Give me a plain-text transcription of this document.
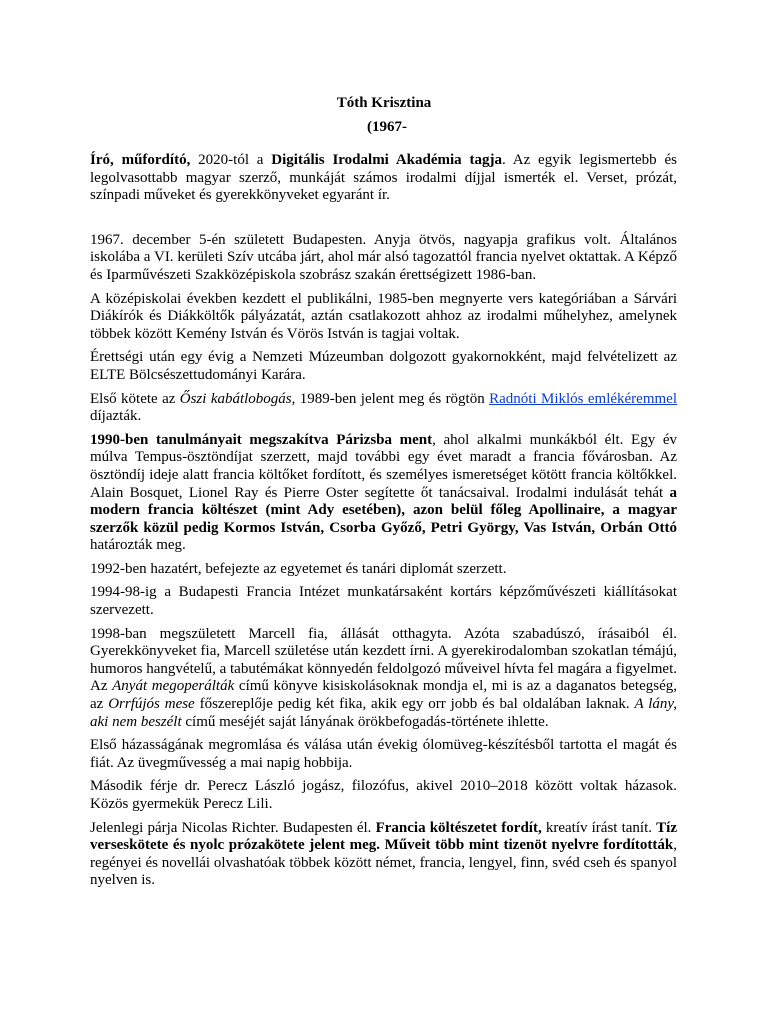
Tóth Krisztina
(1967-

Író, műfordító, 2020-tól a Digitális Irodalmi Akadémia tagja. Az egyik legismertebb és legolvasottabb magyar szerző, munkáját számos irodalmi díjjal ismerték el. Verset, prózát, színpadi műveket és gyerekkönyveket egyaránt ír.

1967. december 5-én született Budapesten. Anyja ötvös, nagyapja grafikus volt. Általános iskolába a VI. kerületi Szív utcába járt, ahol már alsó tagozattól francia nyelvet oktattak. A Képző és Iparművészeti Szakközépiskola szobrász szakán érettségizett 1986-ban.

A középiskolai években kezdett el publikálni, 1985-ben megnyerte vers kategóriában a Sárvári Diákírók és Diákköltők pályázatát, aztán csatlakozott ahhoz az irodalmi műhelyhez, amelynek többek között Kemény István és Vörös István is tagjai voltak.

Érettségi után egy évig a Nemzeti Múzeumban dolgozott gyakornokként, majd felvételizett az ELTE Bölcsészettudományi Karára.

Első kötete az Őszi kabátlobogás, 1989-ben jelent meg és rögtön Radnóti Miklós emlékéremmel díjazták.

1990-ben tanulmányait megszakítva Párizsba ment, ahol alkalmi munkákból élt. Egy év múlva Tempus-ösztöndíjat szerzett, majd további egy évet maradt a francia fővárosban. Az ösztöndíj ideje alatt francia költőket fordított, és személyes ismeretséget kötött francia költőkkel. Alain Bosquet, Lionel Ray és Pierre Oster segítette őt tanácsaival. Irodalmi indulását tehát a modern francia költészet (mint Ady esetében), azon belül főleg Apollinaire, a magyar szerzők közül pedig Kormos István, Csorba Győző, Petri György, Vas István, Orbán Ottó határozták meg.

1992-ben hazatért, befejezte az egyetemet és tanári diplomát szerzett.

1994-98-ig a Budapesti Francia Intézet munkatársaként kortárs képzőművészeti kiállításokat szervezett.

1998-ban megszületett Marcell fia, állását otthagyta. Azóta szabadúszó, írásaiból él. Gyerekkönyveket fia, Marcell születése után kezdett írni. A gyerekirodalomban szokatlan témájú, humoros hangvételű, a tabutémákat könnyedén feldolgozó műveivel hívta fel magára a figyelmet. Az Anyát megoperálták című könyve kisiskolásoknak mondja el, mi is az a daganatos betegség, az Orrfújós mese főszereplője pedig két fika, akik egy orr jobb és bal oldalában laknak. A lány, aki nem beszélt című meséjét saját lányának örökbefogadás-története ihlette.

Első házasságának megromlása és válása után évekig ólomüveg-készítésből tartotta el magát és fiát. Az üvegművesség a mai napig hobbija.

Második férje dr. Perecz László jogász, filozófus, akivel 2010–2018 között voltak házasok. Közös gyermekük Perecz Lili.

Jelenlegi párja Nicolas Richter. Budapesten él. Francia költészetet fordít, kreatív írást tanít. Tíz verseskötete és nyolc prózakötete jelent meg. Műveit több mint tizenöt nyelvre fordították, regényei és novellái olvashatóak többek között német, francia, lengyel, finn, svéd cseh és spanyol nyelven is.
